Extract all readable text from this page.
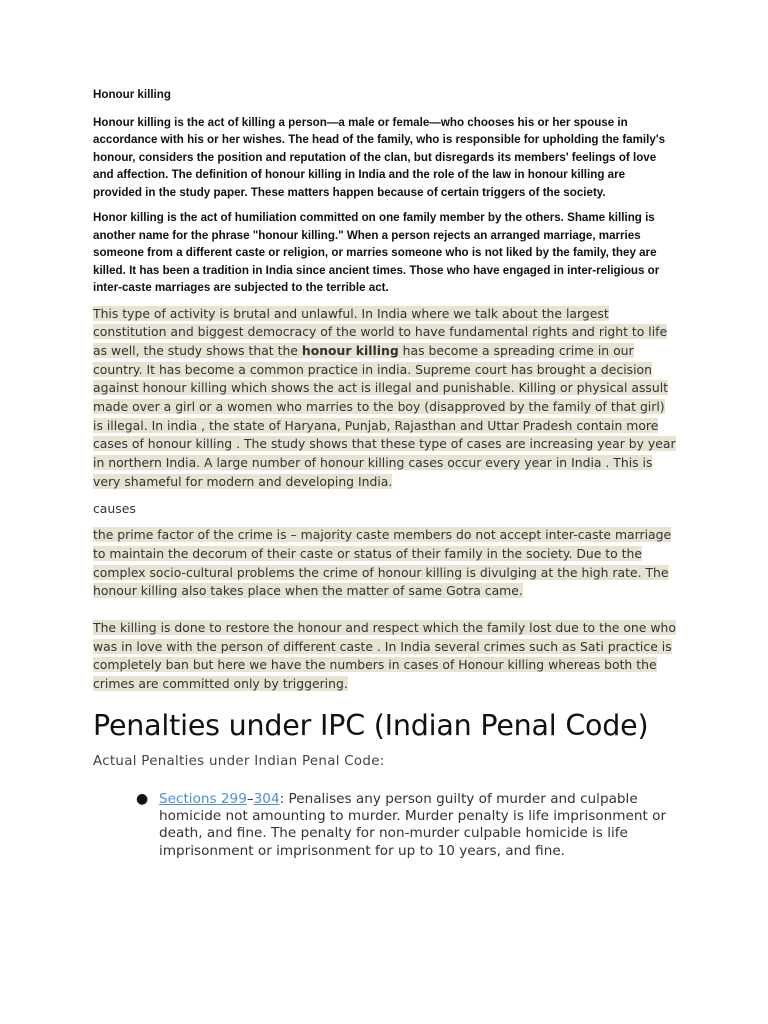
Honour killing

Honour killing is the act of killing a person—a male or female—who chooses his or her spouse in accordance with his or her wishes. The head of the family, who is responsible for upholding the family's honour, considers the position and reputation of the clan, but disregards its members' feelings of love and affection. The definition of honour killing in India and the role of the law in honour killing are provided in the study paper. These matters happen because of certain triggers of the society.

Honor killing is the act of humiliation committed on one family member by the others. Shame killing is another name for the phrase "honour killing." When a person rejects an arranged marriage, marries someone from a different caste or religion, or marries someone who is not liked by the family, they are killed. It has been a tradition in India since ancient times. Those who have engaged in inter-religious or inter-caste marriages are subjected to the terrible act.

This type of activity is brutal and unlawful. In India where we talk about the largest constitution and biggest democracy of the world to have fundamental rights and right to life as well, the study shows that the honour killing has become a spreading crime in our country. It has become a common practice in india. Supreme court has brought a decision against honour killing which shows the act is illegal and punishable. Killing or physical assult made over a girl or a women who marries to the boy (disapproved by the family of that girl) is illegal. In india , the state of Haryana, Punjab, Rajasthan and Uttar Pradesh contain more cases of honour killing . The study shows that these type of cases are increasing year by year in northern India. A large number of honour killing cases occur every year in India . This is very shameful for modern and developing India.

causes

the prime factor of the crime is – majority caste members do not accept inter-caste marriage to maintain the decorum of their caste or status of their family in the society. Due to the complex socio-cultural problems the crime of honour killing is divulging at the high rate. The honour killing also takes place when the matter of same Gotra came.

The killing is done to restore the honour and respect which the family lost due to the one who was in love with the person of different caste . In India several crimes such as Sati practice is completely ban but here we have the numbers in cases of Honour killing whereas both the crimes are committed only by triggering.

Penalties under IPC (Indian Penal Code)

Actual Penalties under Indian Penal Code:

● Sections 299–304: Penalises any person guilty of murder and culpable homicide not amounting to murder. Murder penalty is life imprisonment or death, and fine. The penalty for non-murder culpable homicide is life imprisonment or imprisonment for up to 10 years, and fine.
